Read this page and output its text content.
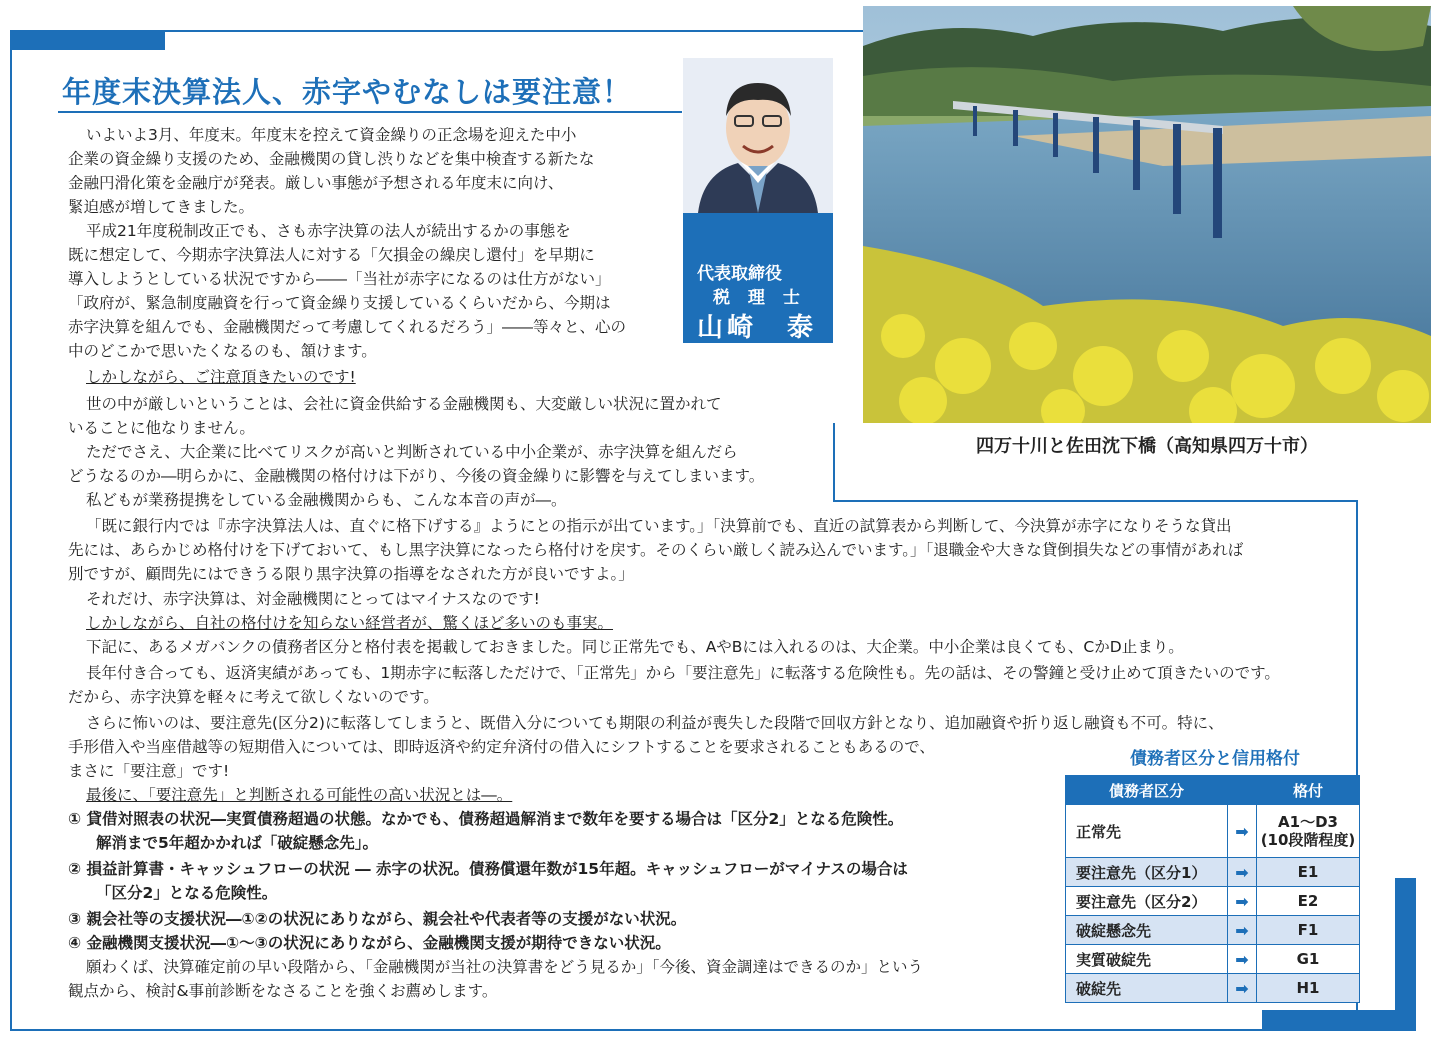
年度末決算法人、赤字やむなしは要注意！
代表取締役
税 理 士
山崎　泰
四万十川と佐田沈下橋（高知県四万十市）
いよいよ3月、年度末。年度末を控えて資金繰りの正念場を迎えた中小
企業の資金繰り支援のため、金融機関の貸し渋りなどを集中検査する新たな
金融円滑化策を金融庁が発表。厳しい事態が予想される年度末に向け、
緊迫感が増してきました。
平成21年度税制改正でも、さも赤字決算の法人が続出するかの事態を
既に想定して、今期赤字決算法人に対する「欠損金の繰戻し還付」を早期に
導入しようとしている状況ですから――「当社が赤字になるのは仕方がない」
「政府が、緊急制度融資を行って資金繰り支援しているくらいだから、今期は
赤字決算を組んでも、金融機関だって考慮してくれるだろう」――等々と、心の
中のどこかで思いたくなるのも、頷けます。
しかしながら、ご注意頂きたいのです!
世の中が厳しいということは、会社に資金供給する金融機関も、大変厳しい状況に置かれて
いることに他なりません。
ただでさえ、大企業に比べてリスクが高いと判断されている中小企業が、赤字決算を組んだら
どうなるのか―明らかに、金融機関の格付けは下がり、今後の資金繰りに影響を与えてしまいます。
私どもが業務提携をしている金融機関からも、こんな本音の声が―。
「既に銀行内では『赤字決算法人は、直ぐに格下げする』ようにとの指示が出ています。」「決算前でも、直近の試算表から判断して、今決算が赤字になりそうな貸出
先には、あらかじめ格付けを下げておいて、もし黒字決算になったら格付けを戻す。そのくらい厳しく読み込んでいます。」「退職金や大きな貸倒損失などの事情があれば
別ですが、顧問先にはできうる限り黒字決算の指導をなされた方が良いですよ。」
それだけ、赤字決算は、対金融機関にとってはマイナスなのです!
しかしながら、自社の格付けを知らない経営者が、驚くほど多いのも事実。
下記に、あるメガバンクの債務者区分と格付表を掲載しておきました。同じ正常先でも、AやBには入れるのは、大企業。中小企業は良くても、CかD止まり。
長年付き合っても、返済実績があっても、1期赤字に転落しただけで、「正常先」から「要注意先」に転落する危険性も。先の話は、その警鐘と受け止めて頂きたいのです。
だから、赤字決算を軽々に考えて欲しくないのです。
さらに怖いのは、要注意先(区分2)に転落してしまうと、既借入分についても期限の利益が喪失した段階で回収方針となり、追加融資や折り返し融資も不可。特に、
手形借入や当座借越等の短期借入については、即時返済や約定弁済付の借入にシフトすることを要求されることもあるので、
まさに「要注意」です!
最後に、「要注意先」と判断される可能性の高い状況とは―。
① 貸借対照表の状況―実質債務超過の状態。なかでも、債務超過解消まで数年を要する場合は「区分2」となる危険性。
解消まで5年超かかれば「破綻懸念先」。
② 損益計算書・キャッシュフローの状況 ― 赤字の状況。債務償還年数が15年超。キャッシュフローがマイナスの場合は
「区分2」となる危険性。
③ 親会社等の支援状況―①②の状況にありながら、親会社や代表者等の支援がない状況。
④ 金融機関支援状況―①～③の状況にありながら、金融機関支援が期待できない状況。
願わくば、決算確定前の早い段階から、「金融機関が当社の決算書をどう見るか」「今後、資金調達はできるのか」という
観点から、検討&事前診断をなさることを強くお薦めします。
債務者区分と信用格付
債務者区分		格付
正常先	➡	A1～D3
(10段階程度)

要注意先（区分1）	➡	E1
要注意先（区分2）	➡	E2
破綻懸念先	➡	F1
実質破綻先	➡	G1
破綻先	➡	H1
